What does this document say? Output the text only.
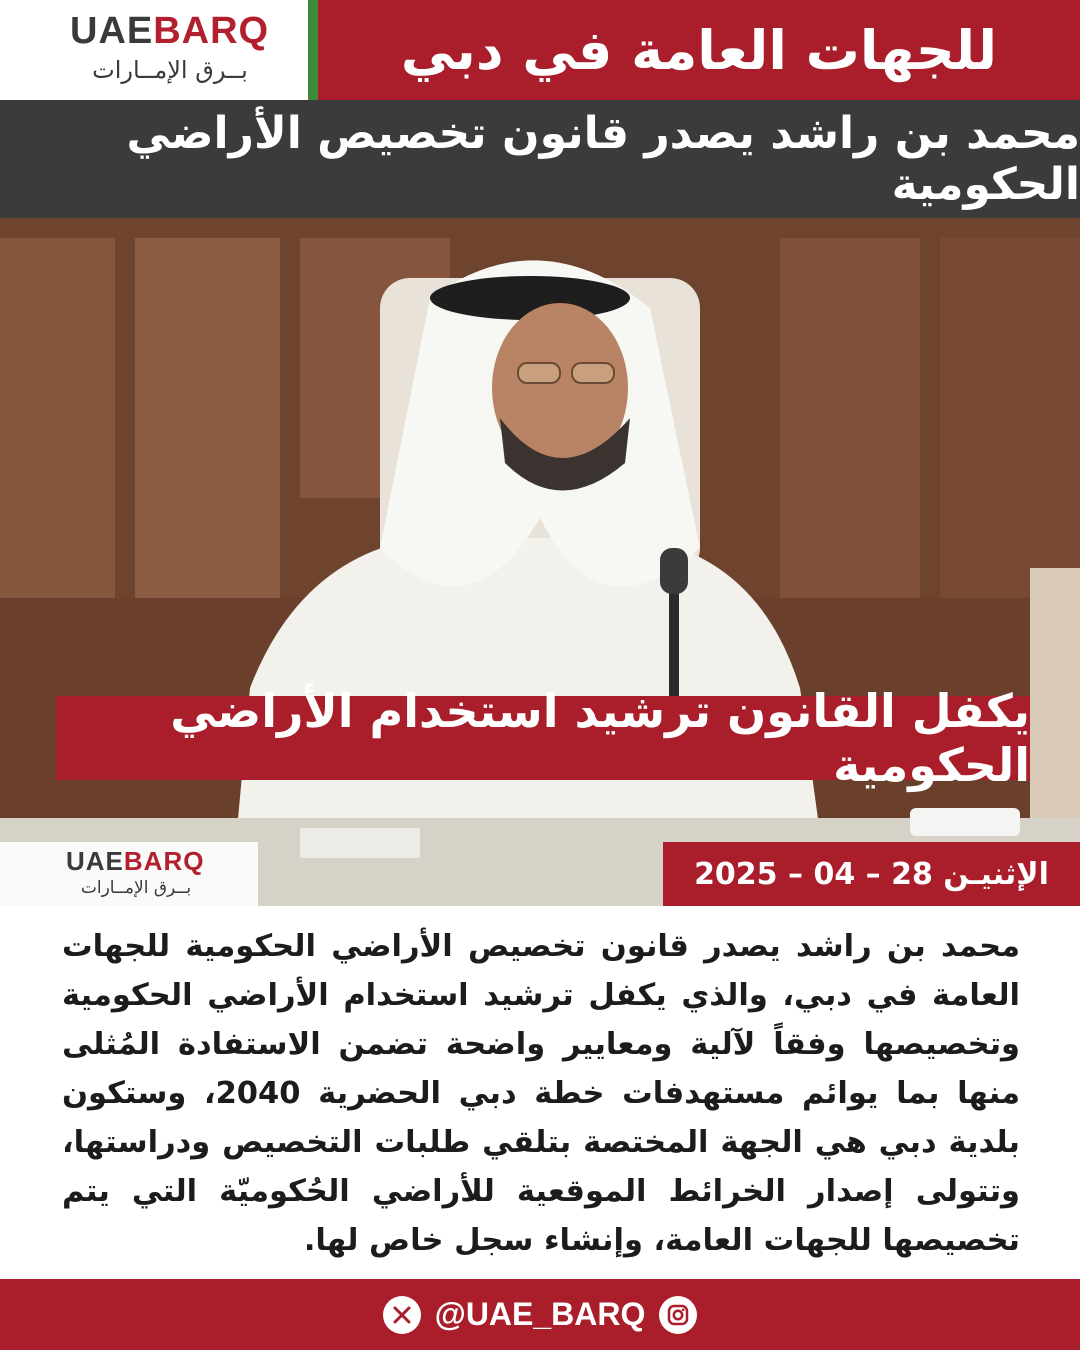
UAEBARQ
بــرق الإمــارات	للجهات العامة في دبي
محمد بن راشد يصدر قانون تخصيص الأراضي الحكومية
يكفل القانون ترشيد استخدام الأراضي الحكومية
UAEBARQ
بــرق الإمــارات	الإثنيـن 28 – 04 – 2025
محمد بن راشد يصدر قانون تخصيص الأراضي الحكومية للجهات العامة في دبي، والذي يكفل ترشيد استخدام الأراضي الحكومية وتخصيصها وفقاً لآلية ومعايير واضحة تضمن الاستفادة المُثلى منها بما يوائم مستهدفات خطة دبي الحضرية 2040، وستكون بلدية دبي هي الجهة المختصة بتلقي طلبات التخصيص ودراستها، وتتولى إصدار الخرائط الموقعية للأراضي الحُكوميّة التي يتم تخصيصها للجهات العامة، وإنشاء سجل خاص لها.
@UAE_BARQ
